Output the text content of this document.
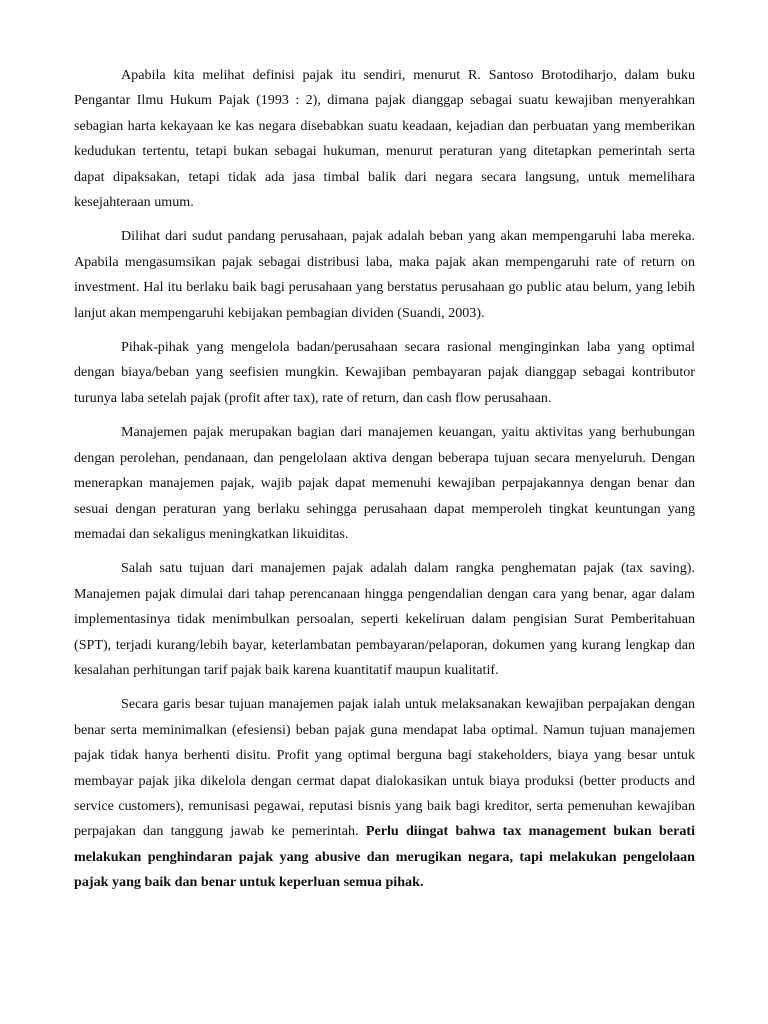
Apabila kita melihat definisi pajak itu sendiri, menurut R. Santoso Brotodiharjo, dalam buku Pengantar Ilmu Hukum Pajak (1993 : 2), dimana pajak dianggap sebagai suatu kewajiban menyerahkan sebagian harta kekayaan ke kas negara disebabkan suatu keadaan, kejadian dan perbuatan yang memberikan kedudukan tertentu, tetapi bukan sebagai hukuman, menurut peraturan yang ditetapkan pemerintah serta dapat dipaksakan, tetapi tidak ada jasa timbal balik dari negara secara langsung, untuk memelihara kesejahteraan umum.

Dilihat dari sudut pandang perusahaan, pajak adalah beban yang akan mempengaruhi laba mereka. Apabila mengasumsikan pajak sebagai distribusi laba, maka pajak akan mempengaruhi rate of return on investment. Hal itu berlaku baik bagi perusahaan yang berstatus perusahaan go public atau belum, yang lebih lanjut akan mempengaruhi kebijakan pembagian dividen (Suandi, 2003).

Pihak-pihak yang mengelola badan/perusahaan secara rasional menginginkan laba yang optimal dengan biaya/beban yang seefisien mungkin. Kewajiban pembayaran pajak dianggap sebagai kontributor turunya laba setelah pajak (profit after tax), rate of return, dan cash flow perusahaan.

Manajemen pajak merupakan bagian dari manajemen keuangan, yaitu aktivitas yang berhubungan dengan perolehan, pendanaan, dan pengelolaan aktiva dengan beberapa tujuan secara menyeluruh. Dengan menerapkan manajemen pajak, wajib pajak dapat memenuhi kewajiban perpajakannya dengan benar dan sesuai dengan peraturan yang berlaku sehingga perusahaan dapat memperoleh tingkat keuntungan yang memadai dan sekaligus meningkatkan likuiditas.

Salah satu tujuan dari manajemen pajak adalah dalam rangka penghematan pajak (tax saving). Manajemen pajak dimulai dari tahap perencanaan hingga pengendalian dengan cara yang benar, agar dalam implementasinya tidak menimbulkan persoalan, seperti kekeliruan dalam pengisian Surat Pemberitahuan (SPT), terjadi kurang/lebih bayar, keterlambatan pembayaran/pelaporan, dokumen yang kurang lengkap dan kesalahan perhitungan tarif pajak baik karena kuantitatif maupun kualitatif.

Secara garis besar tujuan manajemen pajak ialah untuk melaksanakan kewajiban perpajakan dengan benar serta meminimalkan (efesiensi) beban pajak guna mendapat laba optimal. Namun tujuan manajemen pajak tidak hanya berhenti disitu. Profit yang optimal berguna bagi stakeholders, biaya yang besar untuk membayar pajak jika dikelola dengan cermat dapat dialokasikan untuk biaya produksi (better products and service customers), remunisasi pegawai, reputasi bisnis yang baik bagi kreditor, serta pemenuhan kewajiban perpajakan dan tanggung jawab ke pemerintah. Perlu diingat bahwa tax management bukan berati melakukan penghindaran pajak yang abusive dan merugikan negara, tapi melakukan pengelolaan pajak yang baik dan benar untuk keperluan semua pihak.
